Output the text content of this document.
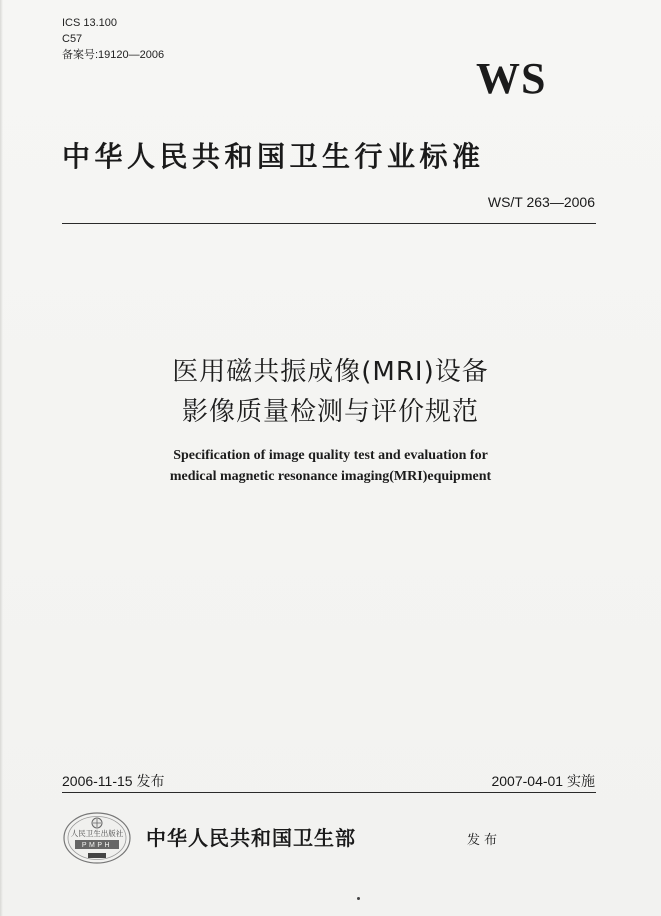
ICS 13.100
C57
备案号:19120—2006	WS
中华人民共和国卫生行业标准
WS/T 263—2006
医用磁共振成像(MRI)设备
影像质量检测与评价规范
Specification of image quality test and evaluation for
medical magnetic resonance imaging(MRI)equipment
2006-11-15 发布	2007-04-01 实施
人民卫生出版社
PMPH 中华人民共和国卫生部	发布
